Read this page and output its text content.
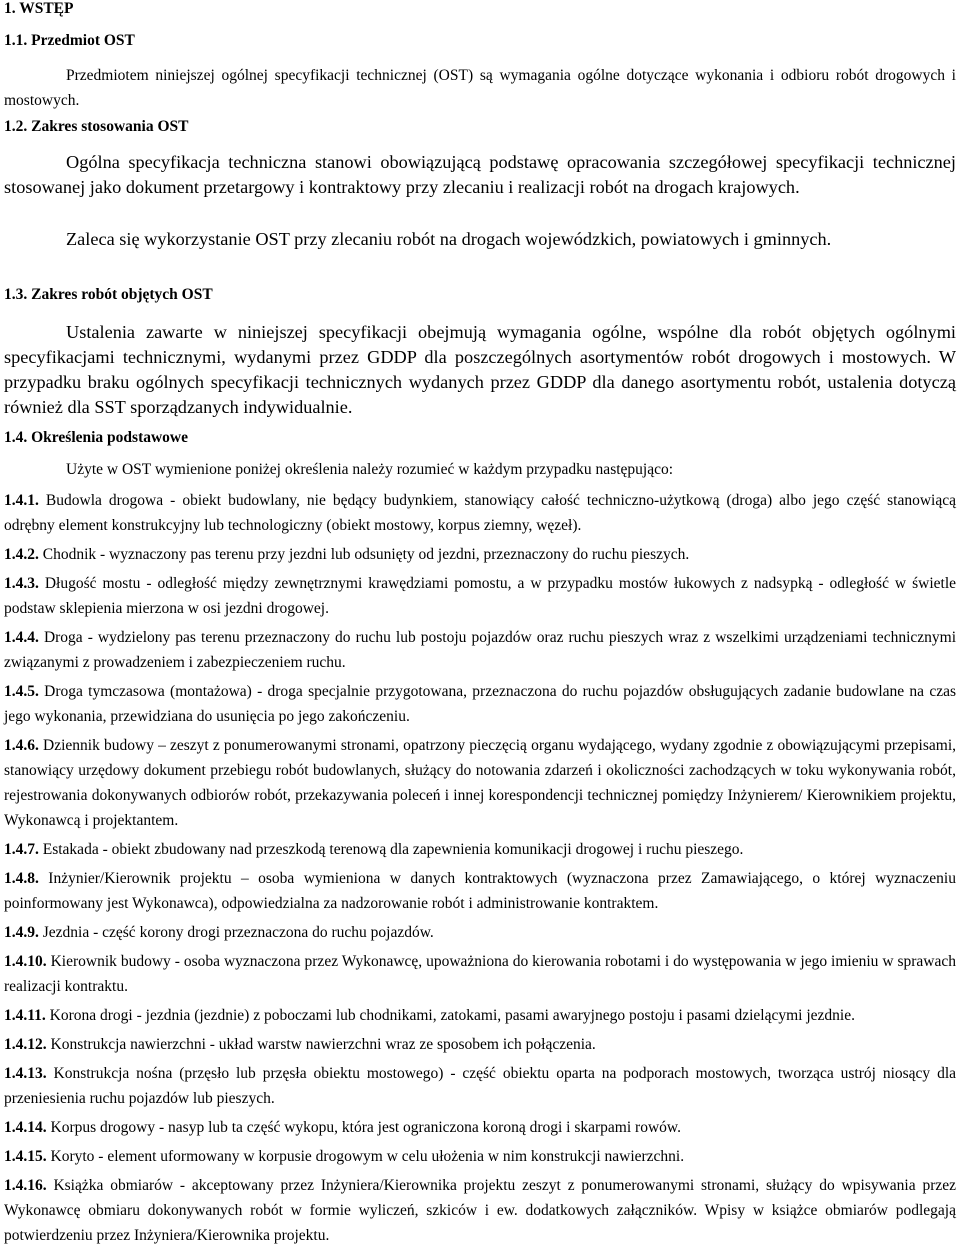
1. WSTĘP
1.1. Przedmiot OST

Przedmiotem niniejszej ogólnej specyfikacji technicznej (OST) są wymagania ogólne dotyczące wykonania i odbioru robót drogowych i mostowych.

1.2. Zakres stosowania OST

Ogólna specyfikacja techniczna stanowi obowiązującą podstawę opracowania szczegółowej specyfikacji technicznej stosowanej jako dokument przetargowy i kontraktowy przy zlecaniu i realizacji robót na drogach krajowych.

Zaleca się wykorzystanie OST przy zlecaniu robót na drogach wojewódzkich, powiatowych i gminnych.

1.3. Zakres robót objętych OST

Ustalenia zawarte w niniejszej specyfikacji obejmują wymagania ogólne, wspólne dla robót objętych ogólnymi specyfikacjami technicznymi, wydanymi przez GDDP dla poszczególnych asortymentów robót drogowych i mostowych. W przypadku braku ogólnych specyfikacji technicznych wydanych przez GDDP dla danego asortymentu robót, ustalenia dotyczą również dla SST sporządzanych indywidualnie.

1.4. Określenia podstawowe

Użyte w OST wymienione poniżej określenia należy rozumieć w każdym przypadku następująco:

1.4.1. Budowla drogowa - obiekt budowlany, nie będący budynkiem, stanowiący całość techniczno-użytkową (droga) albo jego część stanowiącą odrębny element konstrukcyjny lub technologiczny (obiekt mostowy, korpus ziemny, węzeł).

1.4.2. Chodnik - wyznaczony pas terenu przy jezdni lub odsunięty od jezdni, przeznaczony do ruchu pieszych.

1.4.3. Długość mostu - odległość między zewnętrznymi krawędziami pomostu, a w przypadku mostów łukowych z nadsypką - odległość w świetle podstaw sklepienia mierzona w osi jezdni drogowej.

1.4.4. Droga - wydzielony pas terenu przeznaczony do ruchu lub postoju pojazdów oraz ruchu pieszych wraz z wszelkimi urządzeniami technicznymi związanymi z prowadzeniem i zabezpieczeniem ruchu.

1.4.5. Droga tymczasowa (montażowa) - droga specjalnie przygotowana, przeznaczona do ruchu pojazdów obsługujących zadanie budowlane na czas jego wykonania, przewidziana do usunięcia po jego zakończeniu.

1.4.6. Dziennik budowy – zeszyt z ponumerowanymi stronami, opatrzony pieczęcią organu wydającego, wydany zgodnie z obowiązującymi przepisami, stanowiący urzędowy dokument przebiegu robót budowlanych, służący do notowania zdarzeń i okoliczności zachodzących w toku wykonywania robót, rejestrowania dokonywanych odbiorów robót, przekazywania poleceń i innej korespondencji technicznej pomiędzy Inżynierem/ Kierownikiem projektu, Wykonawcą i projektantem.

1.4.7. Estakada - obiekt zbudowany nad przeszkodą terenową dla zapewnienia komunikacji drogowej i ruchu pieszego.

1.4.8. Inżynier/Kierownik projektu – osoba wymieniona w danych kontraktowych (wyznaczona przez Zamawiającego, o której wyznaczeniu poinformowany jest Wykonawca), odpowiedzialna za nadzorowanie robót i administrowanie kontraktem.

1.4.9. Jezdnia - część korony drogi przeznaczona do ruchu pojazdów.

1.4.10. Kierownik budowy - osoba wyznaczona przez Wykonawcę, upoważniona do kierowania robotami i do występowania w jego imieniu w sprawach realizacji kontraktu.

1.4.11. Korona drogi - jezdnia (jezdnie) z poboczami lub chodnikami, zatokami, pasami awaryjnego postoju i pasami dzielącymi jezdnie.

1.4.12. Konstrukcja nawierzchni - układ warstw nawierzchni wraz ze sposobem ich połączenia.

1.4.13. Konstrukcja nośna (przęsło lub przęsła obiektu mostowego) - część obiektu oparta na podporach mostowych, tworząca ustrój niosący dla przeniesienia ruchu pojazdów lub pieszych.

1.4.14. Korpus drogowy - nasyp lub ta część wykopu, która jest ograniczona koroną drogi i skarpami rowów.

1.4.15. Koryto - element uformowany w korpusie drogowym w celu ułożenia w nim konstrukcji nawierzchni.

1.4.16. Książka obmiarów - akceptowany przez Inżyniera/Kierownika projektu zeszyt z ponumerowanymi stronami, służący do wpisywania przez Wykonawcę obmiaru dokonywanych robót w formie wyliczeń, szkiców i ew. dodatkowych załączników. Wpisy w książce obmiarów podlegają potwierdzeniu przez Inżyniera/Kierownika projektu.
